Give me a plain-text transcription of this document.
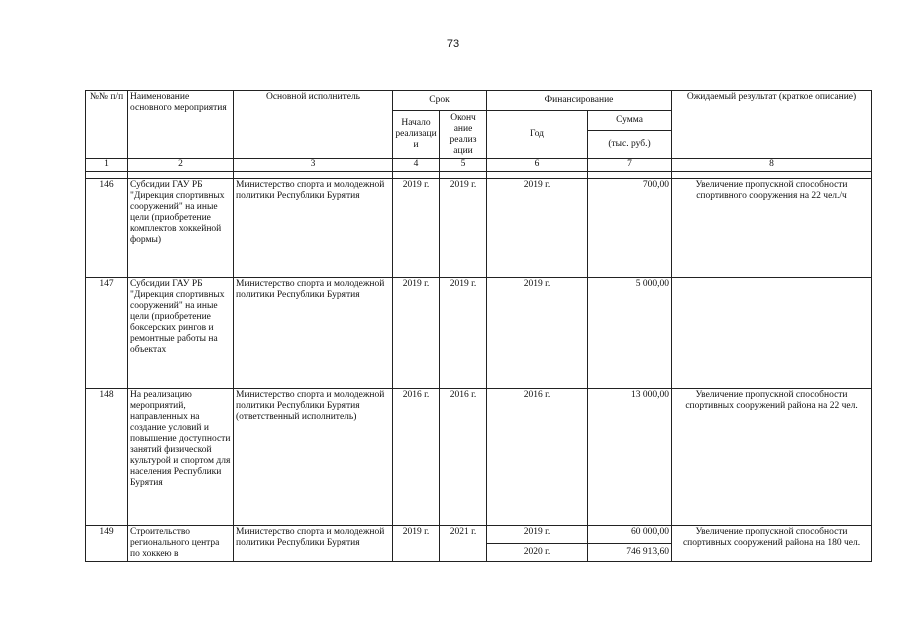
73
№№ п/п	Наименование основного мероприятия	Основной исполнитель	Срок		Финансирование		Ожидаемый результат (краткое описание)
			Начало реализаци и	Оконч ание реализ ации	Год	Сумма	
						(тыс. руб.)	
1	2	3	4	5	6	7	8

146	Субсидии ГАУ РБ "Дирекция спортивных сооружений" на иные цели (приобретение комплектов хоккейной формы)	Министерство спорта и молодежной политики Республики Бурятия	2019 г.	2019 г.	2019 г.	700,00	Увеличение пропускной способности спортивного сооружения на 22 чел./ч
147	Субсидии ГАУ РБ "Дирекция спортивных сооружений" на иные цели (приобретение боксерских рингов и ремонтные работы на объектах	Министерство спорта и молодежной политики Республики Бурятия	2019 г.	2019 г.	2019 г.	5 000,00	
148	На реализацию мероприятий, направленных на создание условий и повышение доступности занятий физической культурой и спортом для населения Республики Бурятия	Министерство спорта и молодежной политики Республики Бурятия (ответственный исполнитель)	2016 г.	2016 г.	2016 г.	13 000,00	Увеличение пропускной способности спортивных сооружений района на 22 чел.
149	Строительство регионального центра по хоккею в	Министерство спорта и молодежной политики Республики Бурятия	2019 г.	2021 г.	2019 г.	60 000,00	Увеличение пропускной способности спортивных сооружений района на 180 чел.
					2020 г.	746 913,60	
